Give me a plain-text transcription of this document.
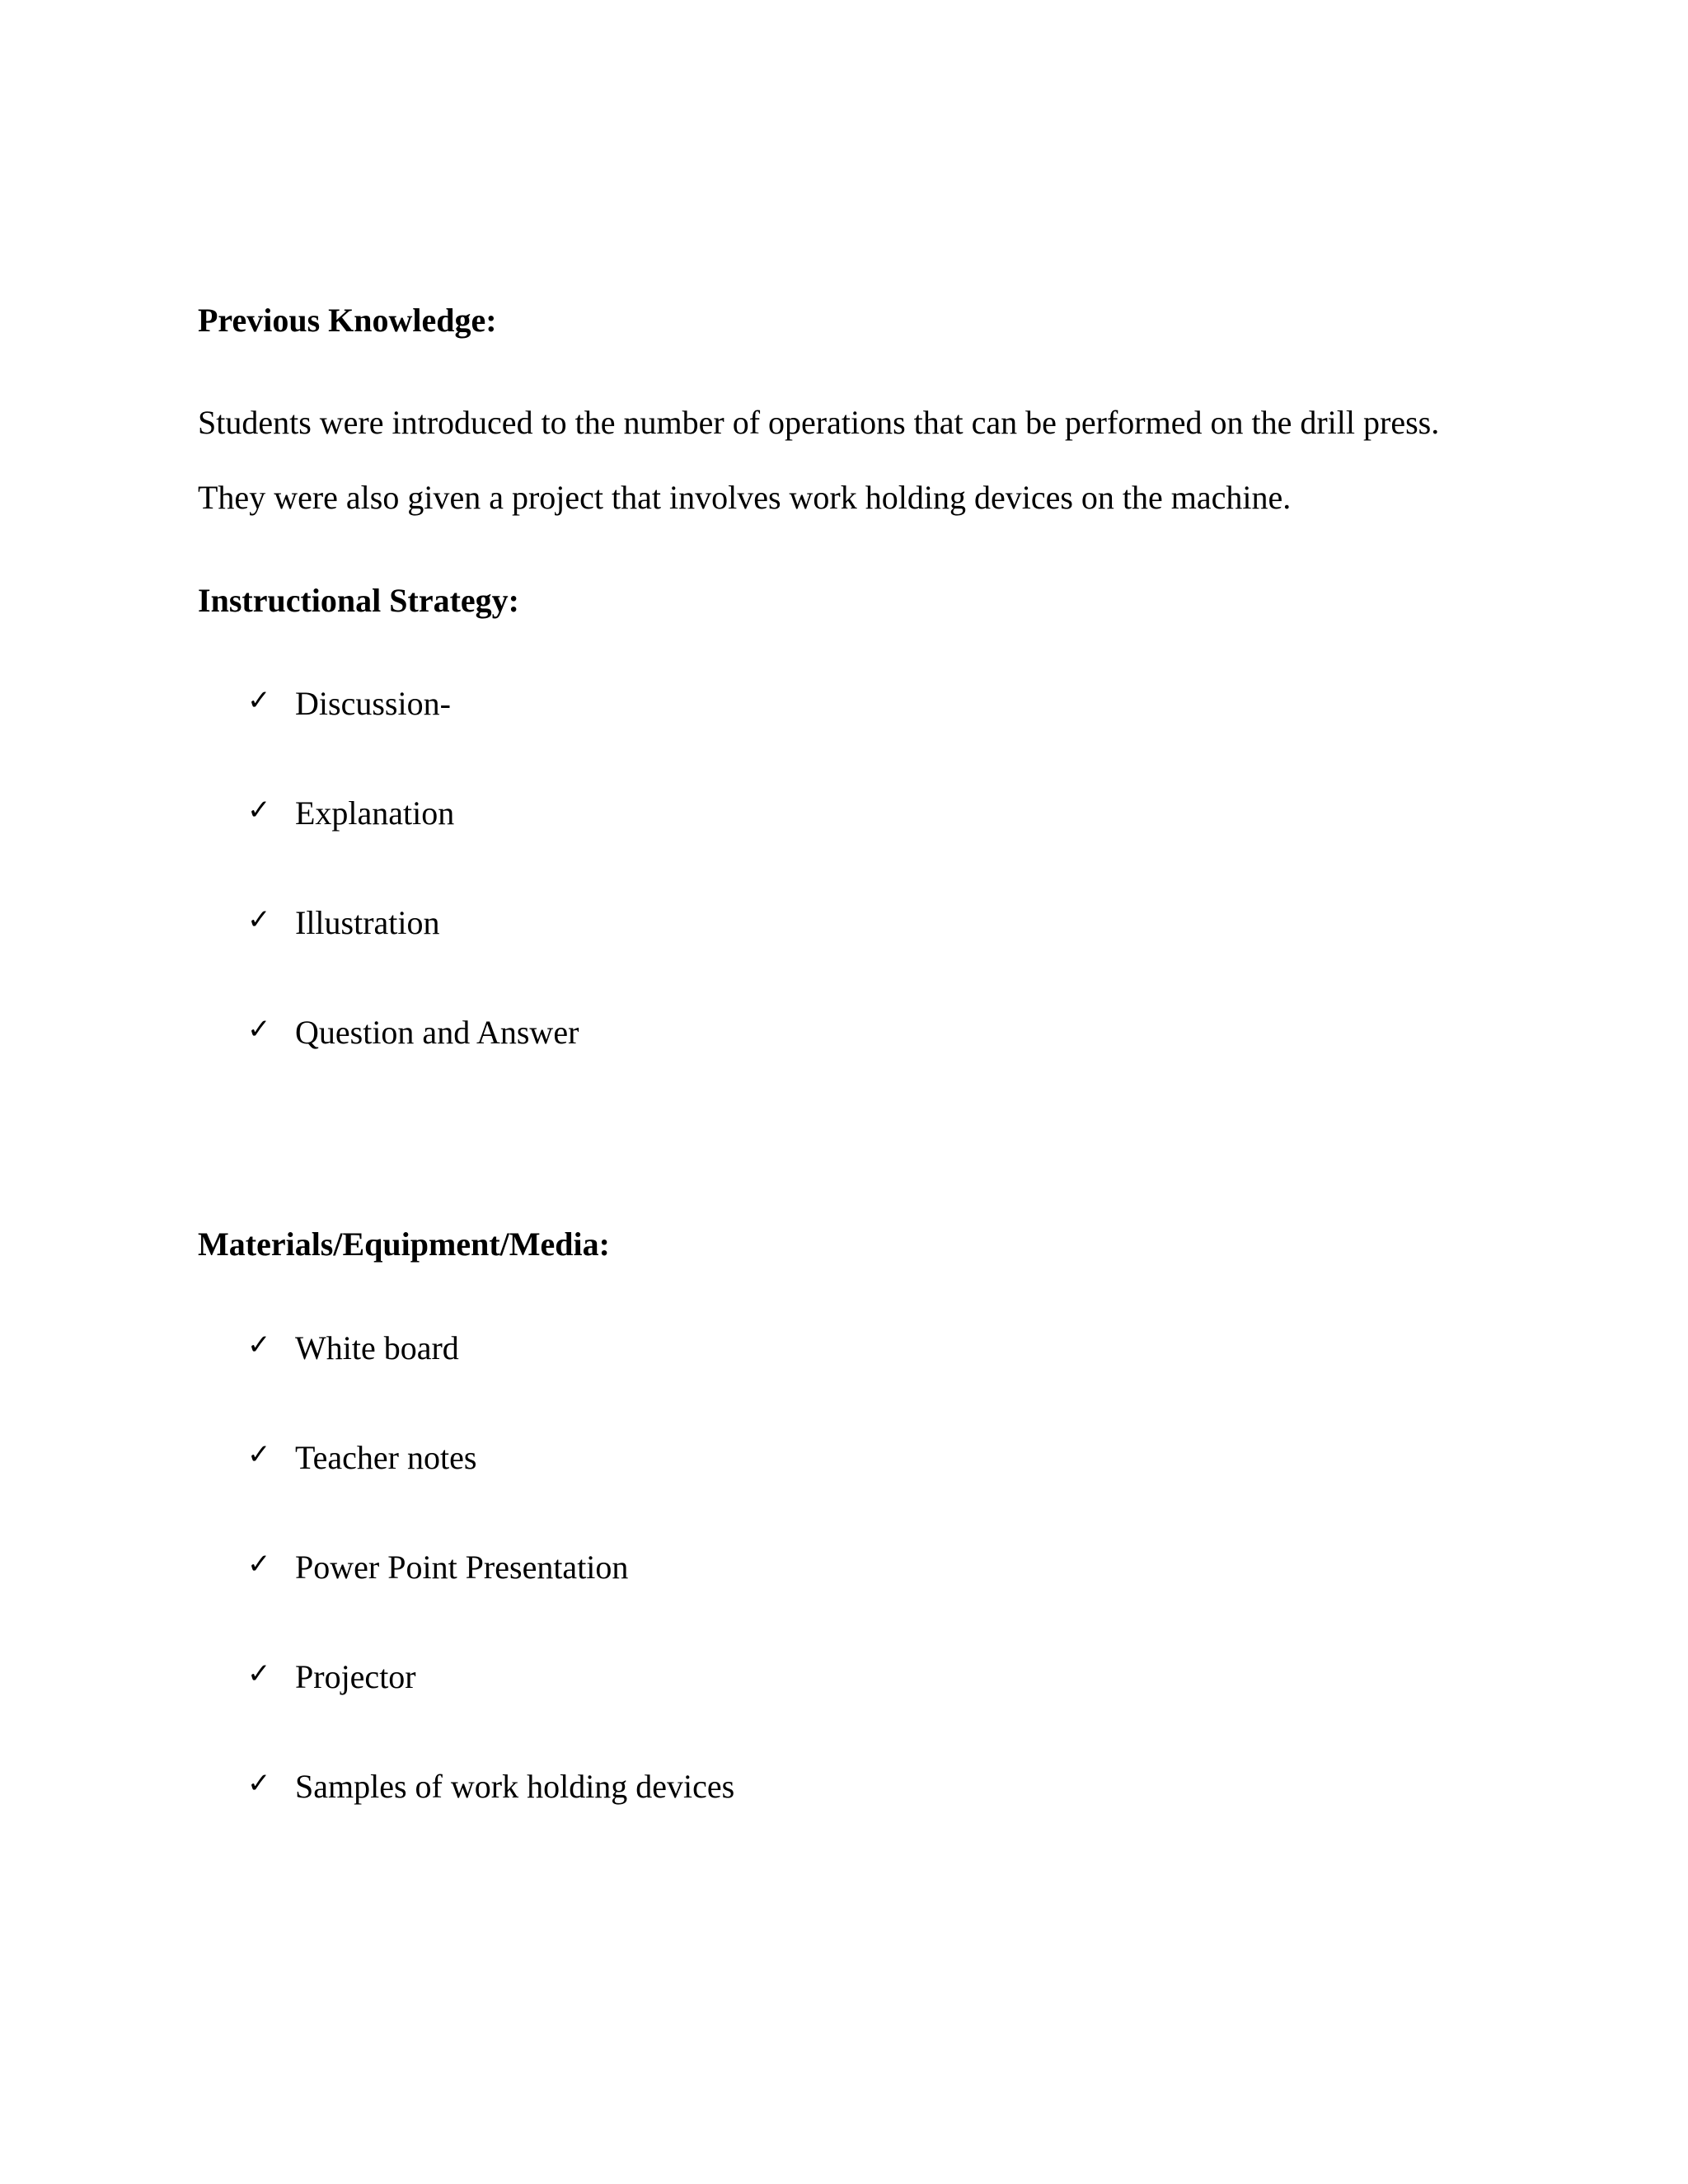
Previous Knowledge:
Students were introduced to the number of operations that can be performed on the drill press.
They were also given a project that involves work holding devices on the machine.
Instructional Strategy:
✓ Discussion-
✓ Explanation
✓ Illustration
✓ Question and Answer
Materials/Equipment/Media:
✓ White board
✓ Teacher notes
✓ Power Point Presentation
✓ Projector
✓ Samples of work holding devices
